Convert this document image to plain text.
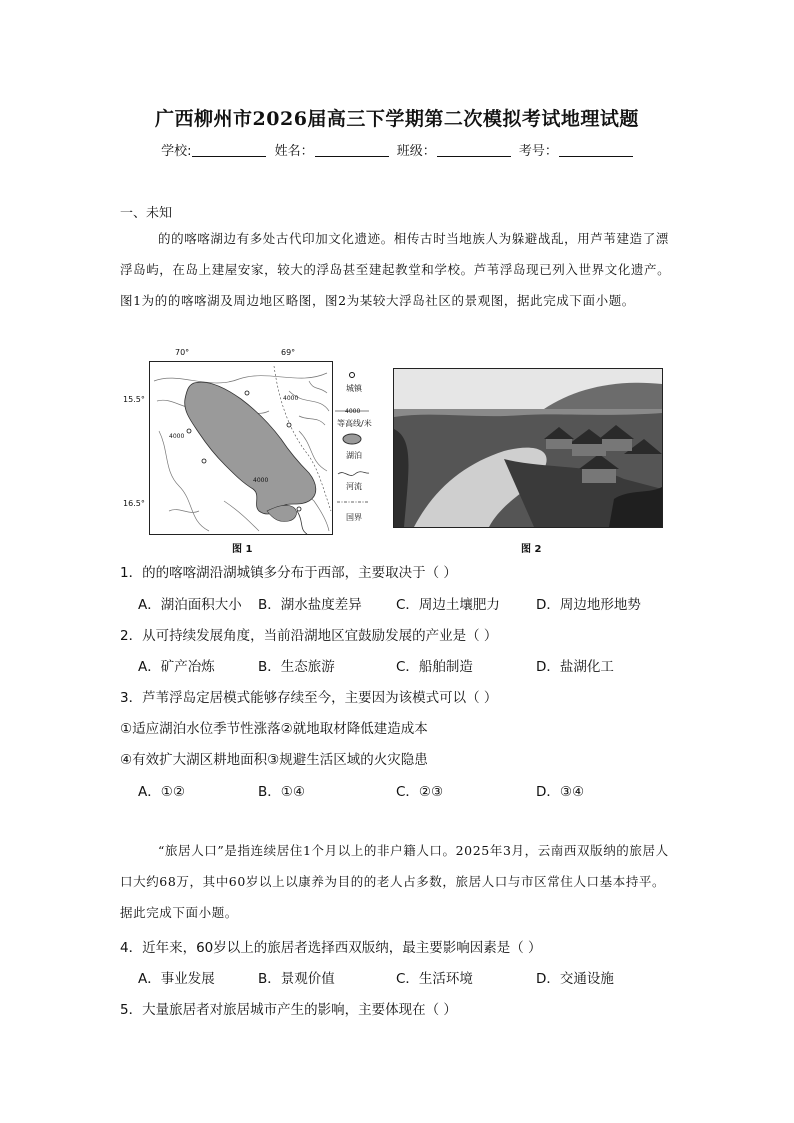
广西柳州市2026届高三下学期第二次模拟考试地理试题
学校:	姓名：	班级：	考号：
一、未知

的的喀喀湖边有多处古代印加文化遗迹。相传古时当地族人为躲避战乱，用芦苇建造了漂浮岛屿，在岛上建屋安家，较大的浮岛甚至建起教堂和学校。芦苇浮岛现已列入世界文化遗产。图1为的的喀喀湖及周边地区略图，图2为某较大浮岛社区的景观图，据此完成下面小题。

70°	69°
15.5°
16.5°
4000
4000
4000
城镇
4000
等高线/米
湖泊
河流
国界
图 1	图 2
1．的的喀喀湖沿湖城镇多分布于西部，主要取决于（ ）
A．湖泊面积大小 B．湖水盐度差异	C．周边土壤肥力	D．周边地形地势
2．从可持续发展角度，当前沿湖地区宜鼓励发展的产业是（ ）
A．矿产冶炼	B．生态旅游	C．船舶制造	D．盐湖化工
3．芦苇浮岛定居模式能够存续至今，主要因为该模式可以（ ）
①适应湖泊水位季节性涨落②就地取材降低建造成本
④有效扩大湖区耕地面积③规避生活区域的火灾隐患
A．①②	B．①④	C．②③	D．③④

“旅居人口”是指连续居住1个月以上的非户籍人口。2025年3月，云南西双版纳的旅居人口大约68万，其中60岁以上以康养为目的的老人占多数，旅居人口与市区常住人口基本持平。据此完成下面小题。

4．近年来，60岁以上的旅居者选择西双版纳，最主要影响因素是（ ）
A．事业发展	B．景观价值	C．生活环境	D．交通设施
5．大量旅居者对旅居城市产生的影响，主要体现在（ ）
